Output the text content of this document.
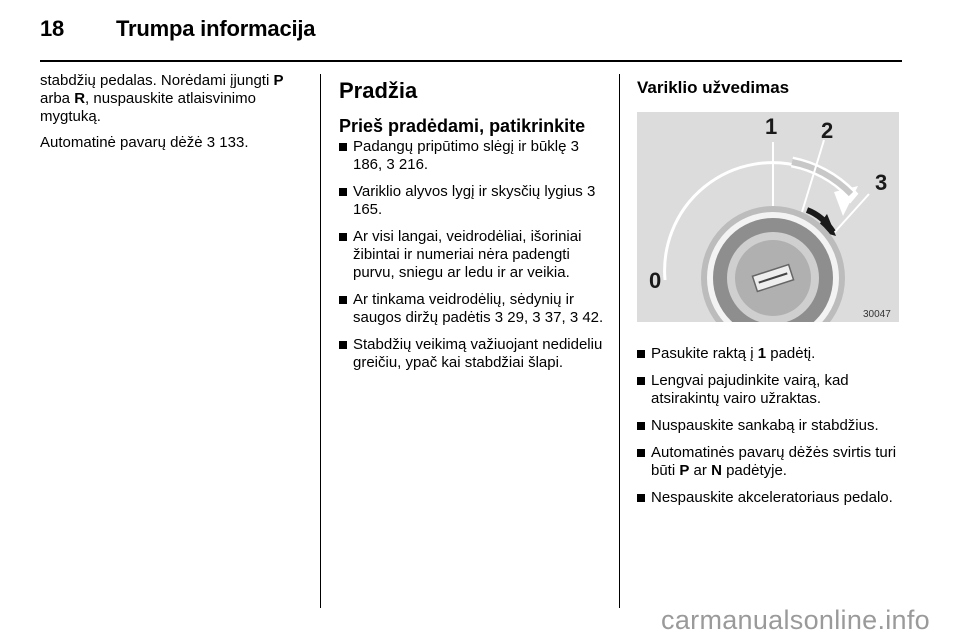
18 Trumpa informacija

stabdžių pedalas. Norėdami įjungti P arba R, nuspauskite atlaisvinimo mygtuką.

Automatinė pavarų dėžė 3 133.

Pradžia
Prieš pradėdami, patikrinkite
Padangų pripūtimo slėgį ir būklę 3 186, 3 216.
Variklio alyvos lygį ir skysčių lygius 3 165.
Ar visi langai, veidrodėliai, išoriniai žibintai ir numeriai nėra padengti purvu, sniegu ar ledu ir ar veikia.
Ar tinkama veidrodėlių, sėdynių ir saugos diržų padėtis 3 29, 3 37, 3 42.
Stabdžių veikimą važiuojant nedideliu greičiu, ypač kai stabdžiai šlapi.
Variklio užvedimas
0
1 2
3
30047
Pasukite raktą į 1 padėtį.
Lengvai pajudinkite vairą, kad atsirakintų vairo užraktas.
Nuspauskite sankabą ir stabdžius.
Automatinės pavarų dėžės svirtis turi būti P ar N padėtyje.
Nespauskite akceleratoriaus pedalo.
carmanualsonline.info
